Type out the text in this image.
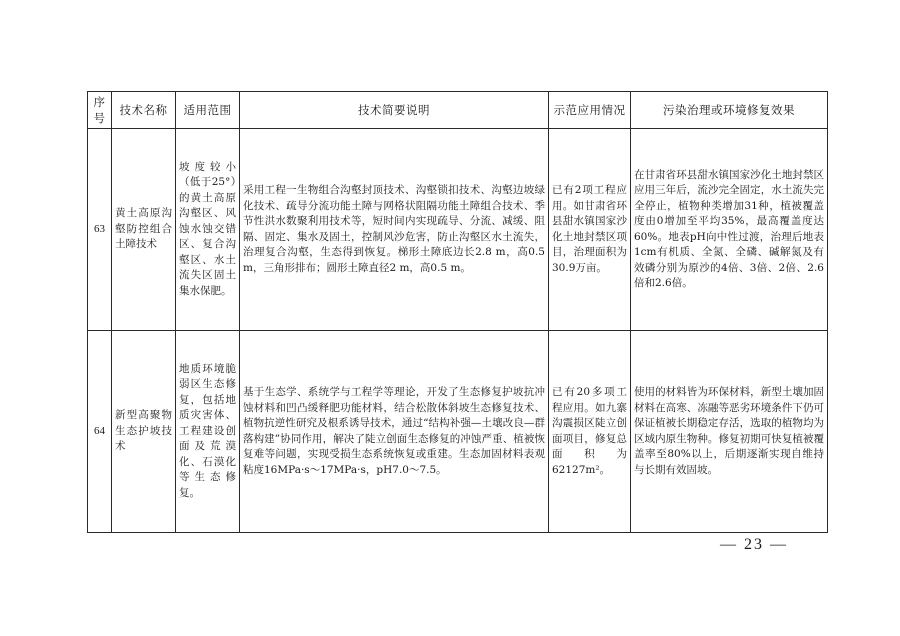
序号	技术名称	适用范围	技术简要说明	示范应用情况	污染治理或环境修复效果
63	黄土高原沟壑防控组合土障技术	坡度较小（低于25°）的黄土高原沟壑区、风蚀水蚀交错区、复合沟壑区、水土流失区固土集水保肥。	采用工程一生物组合沟壑封顶技术、沟壑锁扣技术、沟壑边坡绿化技术、疏导分流功能土障与网格状阻隔功能土障组合技术、季节性洪水数聚利用技术等，短时间内实现疏导、分流、减缓、阻隔、固定、集水及固土，控制风沙危害，防止沟壑区水土流失，治理复合沟壑，生态得到恢复。梯形土障底边长2.8 m，高0.5 m，三角形排布；圆形土障直径2 m，高0.5 m。	已有2项工程应用。如甘肃省环县甜水镇国家沙化土地封禁区项目，治理面积为30.9万亩。	在甘肃省环县甜水镇国家沙化土地封禁区应用三年后，流沙完全固定，水土流失完全停止，植物种类增加31种，植被覆盖度由0增加至平均35%，最高覆盖度达60%。地表pH向中性过渡，治理后地表1cm有机质、全氮、全磷、碱解氮及有效磷分别为原沙的4倍、3倍、2倍、2.6倍和2.6倍。
64	新型高聚物生态护坡技术	地质环境脆弱区生态修复，包括地质灾害体、工程建设创面及荒漠化、石漠化等生态修复。	基于生态学、系统学与工程学等理论，开发了生态修复护坡抗冲蚀材料和凹凸缓释肥功能材料，结合松散体斜坡生态修复技术、植物抗逆性研究及根系诱导技术，通过“结构补强—土壤改良—群落构建”协同作用，解决了陡立创面生态修复的冲蚀严重、植被恢复难等问题，实现受损生态系统恢复或重建。生态加固材料表观粘度16MPa·s～17MPa·s，pH7.0～7.5。	已有20多项工程应用。如九寨沟震损区陡立创面项目，修复总面积为62127m²。	使用的材料皆为环保材料，新型土壤加固材料在高寒、冻融等恶劣环境条件下仍可保证植被长期稳定存活，选取的植物均为区域内原生物种。修复初期可快复植被覆盖率至80%以上，后期逐渐实现自维持与长期有效固坡。
— 23 —
